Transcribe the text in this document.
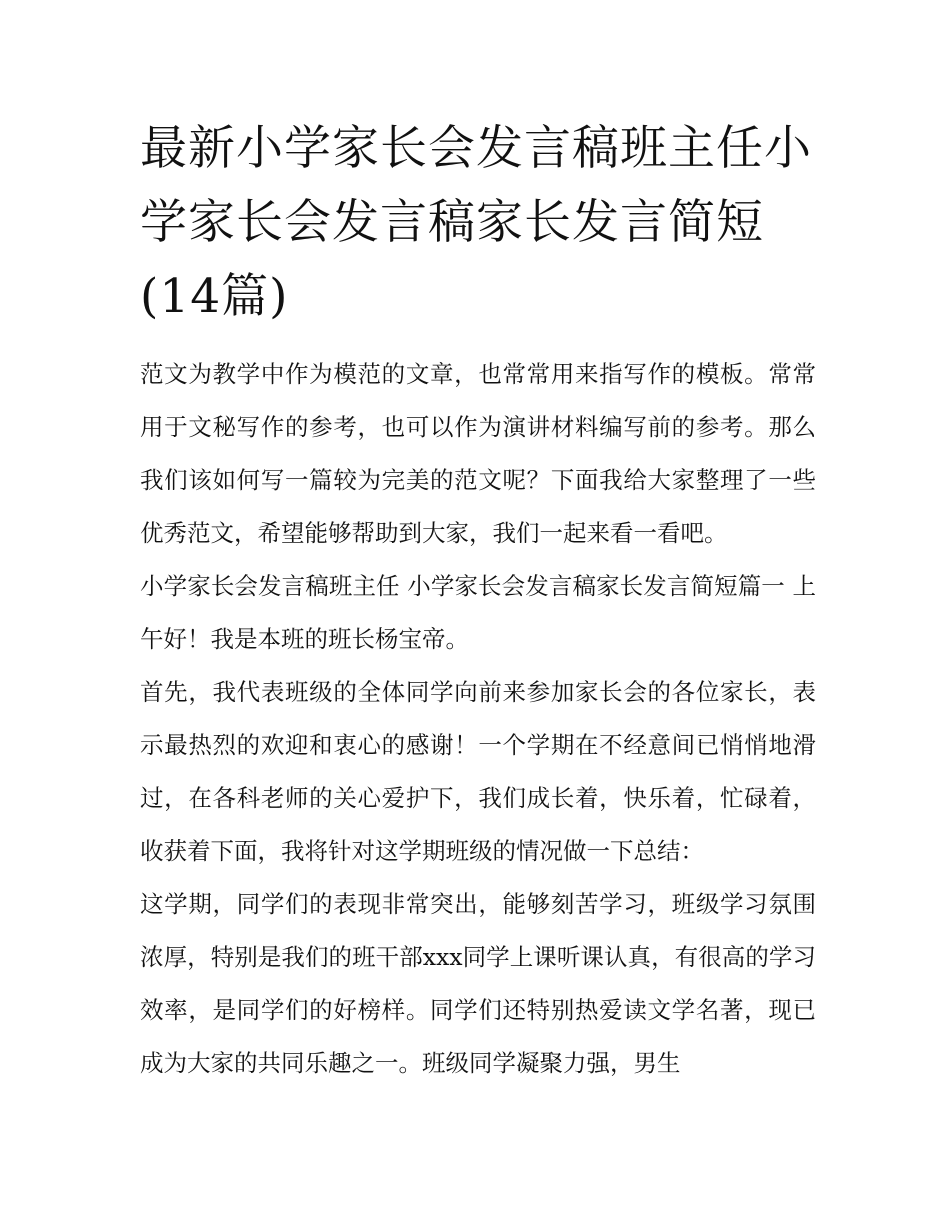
最新小学家长会发言稿班主任小学家长会发言稿家长发言简短(14篇)

范文为教学中作为模范的文章，也常常用来指写作的模板。常常用于文秘写作的参考，也可以作为演讲材料编写前的参考。那么我们该如何写一篇较为完美的范文呢？下面我给大家整理了一些优秀范文，希望能够帮助到大家，我们一起来看一看吧。

小学家长会发言稿班主任 小学家长会发言稿家长发言简短篇一 上午好！我是本班的班长杨宝帝。

首先，我代表班级的全体同学向前来参加家长会的各位家长，表示最热烈的欢迎和衷心的感谢！一个学期在不经意间已悄悄地滑过，在各科老师的关心爱护下，我们成长着，快乐着，忙碌着，收获着下面，我将针对这学期班级的情况做一下总结：

这学期，同学们的表现非常突出，能够刻苦学习，班级学习氛围浓厚，特别是我们的班干部xxx同学上课听课认真，有很高的学习效率，是同学们的好榜样。同学们还特别热爱读文学名著，现已成为大家的共同乐趣之一。班级同学凝聚力强，男生
